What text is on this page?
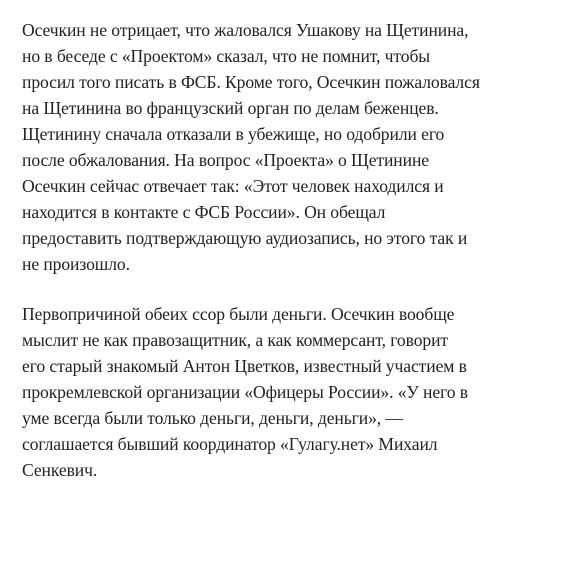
Осечкин не отрицает, что жаловался Ушакову на Щетинина,
но в беседе с «Проектом» сказал, что не помнит, чтобы
просил того писать в ФСБ. Кроме того, Осечкин пожаловался
на Щетинина во французский орган по делам беженцев.
Щетинину сначала отказали в убежище, но одобрили его
после обжалования. На вопрос «Проекта» о Щетинине
Осечкин сейчас отвечает так: «Этот человек находился и
находится в контакте с ФСБ России». Он обещал
предоставить подтверждающую аудиозапись, но этого так и
не произошло.

Первопричиной обеих ссор были деньги. Осечкин вообще
мыслит не как правозащитник, а как коммерсант, говорит
его старый знакомый Антон Цветков, известный участием в
прокремлевской организации «Офицеры России». «У него в
уме всегда были только деньги, деньги, деньги», —
соглашается бывший координатор «Гулагу.нет» Михаил
Сенкевич.
